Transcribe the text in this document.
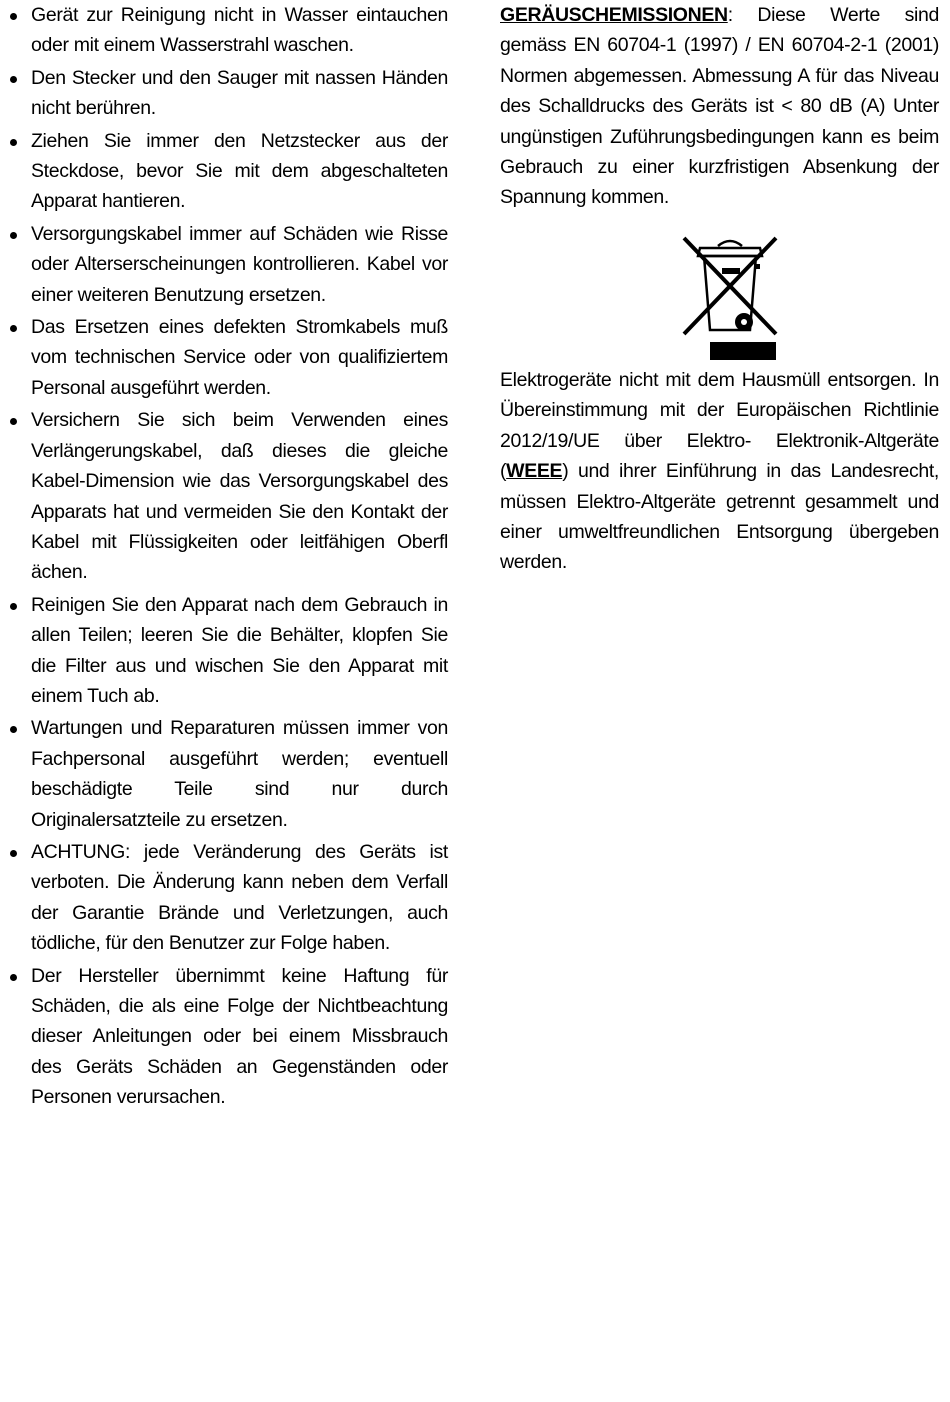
Gerät zur Reinigung nicht in Wasser eintauchen oder mit einem Wasserstrahl waschen.
Den Stecker und den Sauger mit nassen Händen nicht berühren.
Ziehen Sie immer den Netzstecker aus der Steckdose, bevor Sie mit dem abgeschalteten Apparat hantieren.
Versorgungskabel immer auf Schäden wie Risse oder Alterserscheinungen kontrollieren. Kabel vor einer weiteren Benutzung ersetzen.
Das Ersetzen eines defekten Stromkabels muß vom technischen Service oder von qualifiziertem Personal ausgeführt werden.
Versichern Sie sich beim Verwenden eines Verlängerungskabel, daß dieses die gleiche Kabel-Dimension wie das Versorgungskabel des Apparats hat und vermeiden Sie den Kontakt der Kabel mit Flüssigkeiten oder leitfähigen Oberfl ächen.
Reinigen Sie den Apparat nach dem Gebrauch in allen Teilen; leeren Sie die Behälter, klopfen Sie die Filter aus und wischen Sie den Apparat mit einem Tuch ab.
Wartungen und Reparaturen müssen immer von Fachpersonal ausgeführt werden; eventuell beschädigte Teile sind nur durch Originalersatzteile zu ersetzen.
ACHTUNG: jede Veränderung des Geräts ist verboten. Die Änderung kann neben dem Verfall der Garantie Brände und Verletzungen, auch tödliche, für den Benutzer zur Folge haben.
Der Hersteller übernimmt keine Haftung für Schäden, die als eine Folge der Nichtbeachtung dieser Anleitungen oder bei einem Missbrauch des Geräts Schäden an Gegenständen oder Personen verursachen.

GERÄUSCHEMISSIONEN: Diese Werte sind gemäss EN 60704-1 (1997) / EN 60704-2-1 (2001) Normen abgemessen. Abmessung A für das Niveau des Schalldrucks des Geräts ist < 80 dB (A) Unter ungünstigen Zuführungsbedingungen kann es beim Gebrauch zu einer kurzfristigen Absenkung der Spannung kommen.

Elektrogeräte nicht mit dem Hausmüll entsorgen. In Übereinstimmung mit der Europäischen Richtlinie 2012/19/UE über Elektro- Elektronik-Altgeräte (WEEE) und ihrer Einführung in das Landesrecht, müssen Elektro-Altgeräte getrennt gesammelt und einer umweltfreundlichen Entsorgung übergeben werden.
